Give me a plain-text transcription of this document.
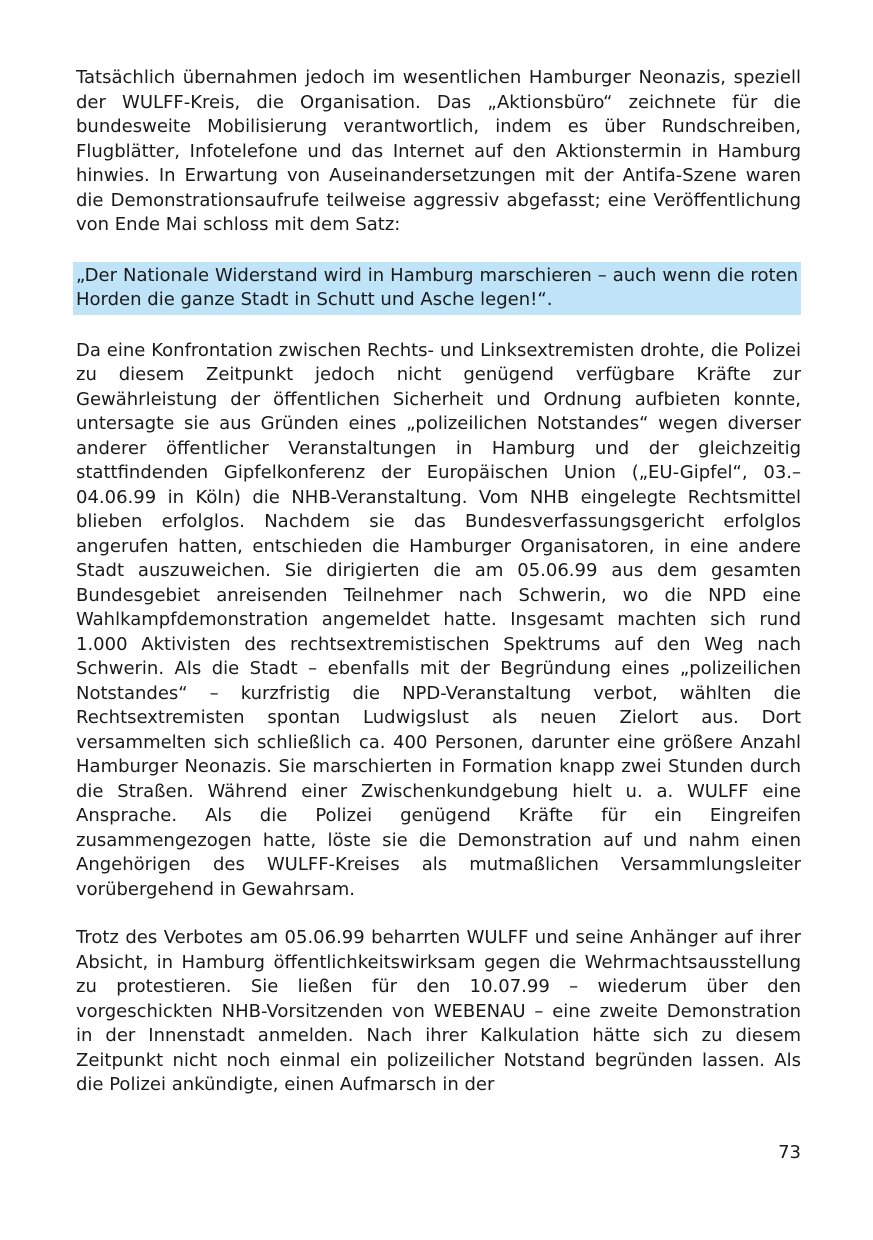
Tatsächlich übernahmen jedoch im wesentlichen Hamburger Neonazis, speziell der WULFF-Kreis, die Organisation. Das „Aktionsbüro“ zeichnete für die bundesweite Mobilisierung verantwortlich, indem es über Rundschreiben, Flugblätter, Infotelefone und das Internet auf den Aktionstermin in Hamburg hinwies. In Erwartung von Auseinandersetzungen mit der Antifa-Szene waren die Demonstrationsaufrufe teilweise aggressiv abgefasst; eine Veröffentlichung von Ende Mai schloss mit dem Satz:

„Der Nationale Widerstand wird in Hamburg marschieren – auch wenn die roten Horden die ganze Stadt in Schutt und Asche legen!“.

Da eine Konfrontation zwischen Rechts- und Linksextremisten drohte, die Polizei zu diesem Zeitpunkt jedoch nicht genügend verfügbare Kräfte zur Gewährleistung der öffentlichen Sicherheit und Ordnung aufbieten konnte, untersagte sie aus Gründen eines „polizeilichen Notstandes“ wegen diverser anderer öffentlicher Veranstaltungen in Hamburg und der gleichzeitig stattfindenden Gipfelkonferenz der Europäischen Union („EU-Gipfel“, 03.–04.06.99 in Köln) die NHB-Veranstaltung. Vom NHB eingelegte Rechtsmittel blieben erfolglos. Nachdem sie das Bundesverfassungsgericht erfolglos angerufen hatten, entschieden die Hamburger Organisatoren, in eine andere Stadt auszuweichen. Sie dirigierten die am 05.06.99 aus dem gesamten Bundesgebiet anreisenden Teilnehmer nach Schwerin, wo die NPD eine Wahlkampfdemonstration angemeldet hatte. Insgesamt machten sich rund 1.000 Aktivisten des rechtsextremistischen Spektrums auf den Weg nach Schwerin. Als die Stadt – ebenfalls mit der Begründung eines „polizeilichen Notstandes“ – kurzfristig die NPD-Veranstaltung verbot, wählten die Rechtsextremisten spontan Ludwigslust als neuen Zielort aus. Dort versammelten sich schließlich ca. 400 Personen, darunter eine größere Anzahl Hamburger Neonazis. Sie marschierten in Formation knapp zwei Stunden durch die Straßen. Während einer Zwischenkundgebung hielt u. a. WULFF eine Ansprache. Als die Polizei genügend Kräfte für ein Eingreifen zusammengezogen hatte, löste sie die Demonstration auf und nahm einen Angehörigen des WULFF-Kreises als mutmaßlichen Versammlungsleiter vorübergehend in Gewahrsam.

Trotz des Verbotes am 05.06.99 beharrten WULFF und seine Anhänger auf ihrer Absicht, in Hamburg öffentlichkeitswirksam gegen die Wehrmachtsausstellung zu protestieren. Sie ließen für den 10.07.99 – wiederum über den vorgeschickten NHB-Vorsitzenden von WEBENAU – eine zweite Demonstration in der Innenstadt anmelden. Nach ihrer Kalkulation hätte sich zu diesem Zeitpunkt nicht noch einmal ein polizeilicher Notstand begründen lassen. Als die Polizei ankündigte, einen Aufmarsch in der

73
